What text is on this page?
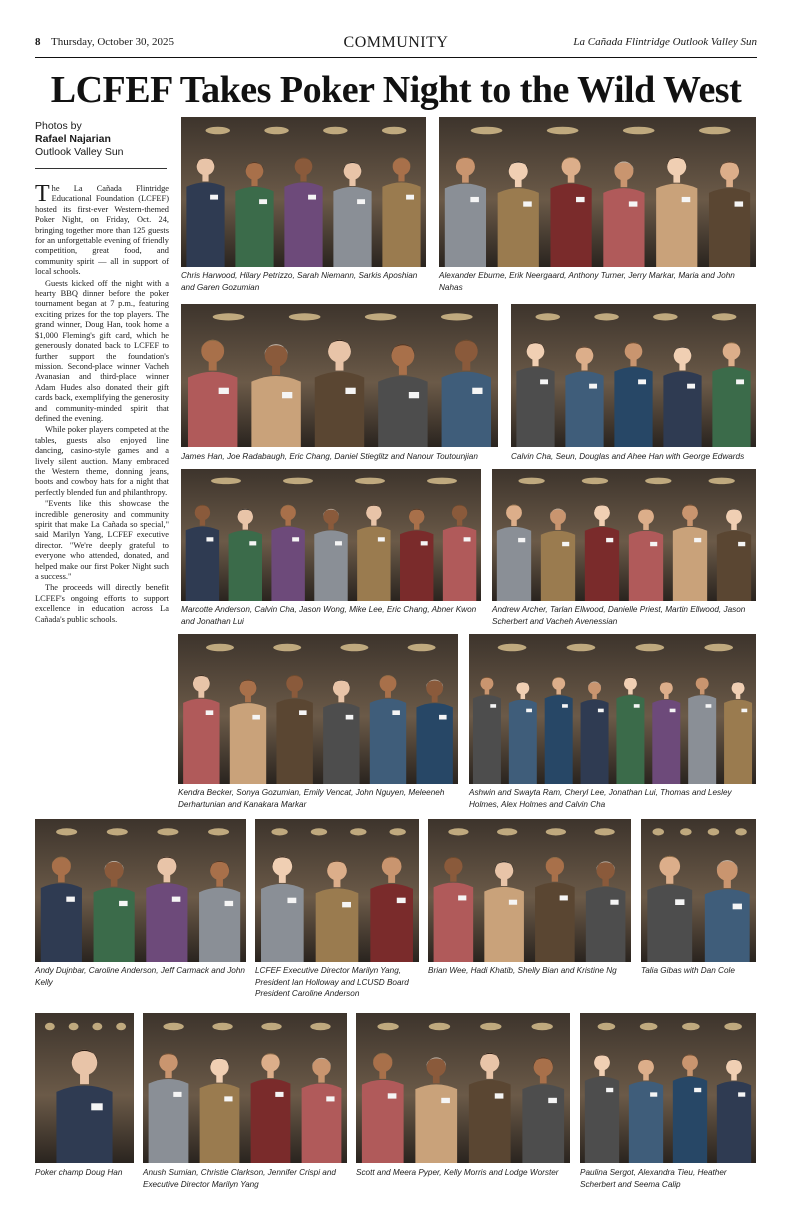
8 Thursday, October 30, 2025	COMMUNITY	La Cañada Flintridge Outlook Valley Sun
LCFEF Takes Poker Night to the Wild West
Photos by
Rafael Najarian
Outlook Valley Sun

The La Cañada Flintridge Educational Foundation (LCFEF) hosted its first-ever Western-themed Poker Night, on Friday, Oct. 24, bringing together more than 125 guests for an unforgettable evening of friendly competition, great food, and community spirit — all in support of local schools.

Guests kicked off the night with a hearty BBQ dinner before the poker tournament began at 7 p.m., featuring exciting prizes for the top players. The grand winner, Doug Han, took home a $1,000 Fleming's gift card, which he generously donated back to LCFEF to further support the foundation's mission. Second-place winner Vacheh Avanasian and third-place winner Adam Hudes also donated their gift cards back, exemplifying the generosity and community-minded spirit that defined the evening.

While poker players competed at the tables, guests also enjoyed line dancing, casino-style games and a lively silent auction. Many embraced the Western theme, donning jeans, boots and cowboy hats for a night that perfectly blended fun and philanthropy.

"Events like this showcase the incredible generosity and community spirit that make La Cañada so special," said Marilyn Yang, LCFEF executive director. "We're deeply grateful to everyone who attended, donated, and helped make our first Poker Night such a success."

The proceeds will directly benefit LCFEF's ongoing efforts to support excellence in education across La Cañada's public schools.

Chris Harwood, Hilary Petrizzo, Sarah Niemann, Sarkis Aposhian and Garen Gozumian
Alexander Eburne, Erik Neergaard, Anthony Turner, Jerry Markar, Maria and John Nahas
James Han, Joe Radabaugh, Eric Chang, Daniel Stieglitz and Nanour Toutounjian	Calvin Cha, Seun, Douglas and Ahee Han with George Edwards
Marcotte Anderson, Calvin Cha, Jason Wong, Mike Lee, Eric Chang, Abner Kwon and Jonathan Lui
Andrew Archer, Tarlan Ellwood, Danielle Priest, Martin Ellwood, Jason Scherbert and Vacheh Avenessian
Kendra Becker, Sonya Gozumian, Emily Vencat, John Nguyen, Meleeneh Derhartunian and Kanakara Markar
Ashwin and Swayta Ram, Cheryl Lee, Jonathan Lui, Thomas and Lesley Holmes, Alex Holmes and Calvin Cha
Andy Dujnbar, Caroline Anderson, Jeff Carmack and John Kelly
LCFEF Executive Director Marilyn Yang, President Ian Holloway and LCUSD Board President Caroline Anderson
Brian Wee, Hadi Khatib, Shelly Bian and Kristine Ng	Talia Gibas with Dan Cole
Poker champ Doug Han	Anush Sumian, Christie Clarkson, Jennifer Crispi and Executive Director Marilyn Yang
Scott and Meera Pyper, Kelly Morris and Lodge Worster	Paulina Sergot, Alexandra Tieu, Heather Scherbert and Seema Calip
